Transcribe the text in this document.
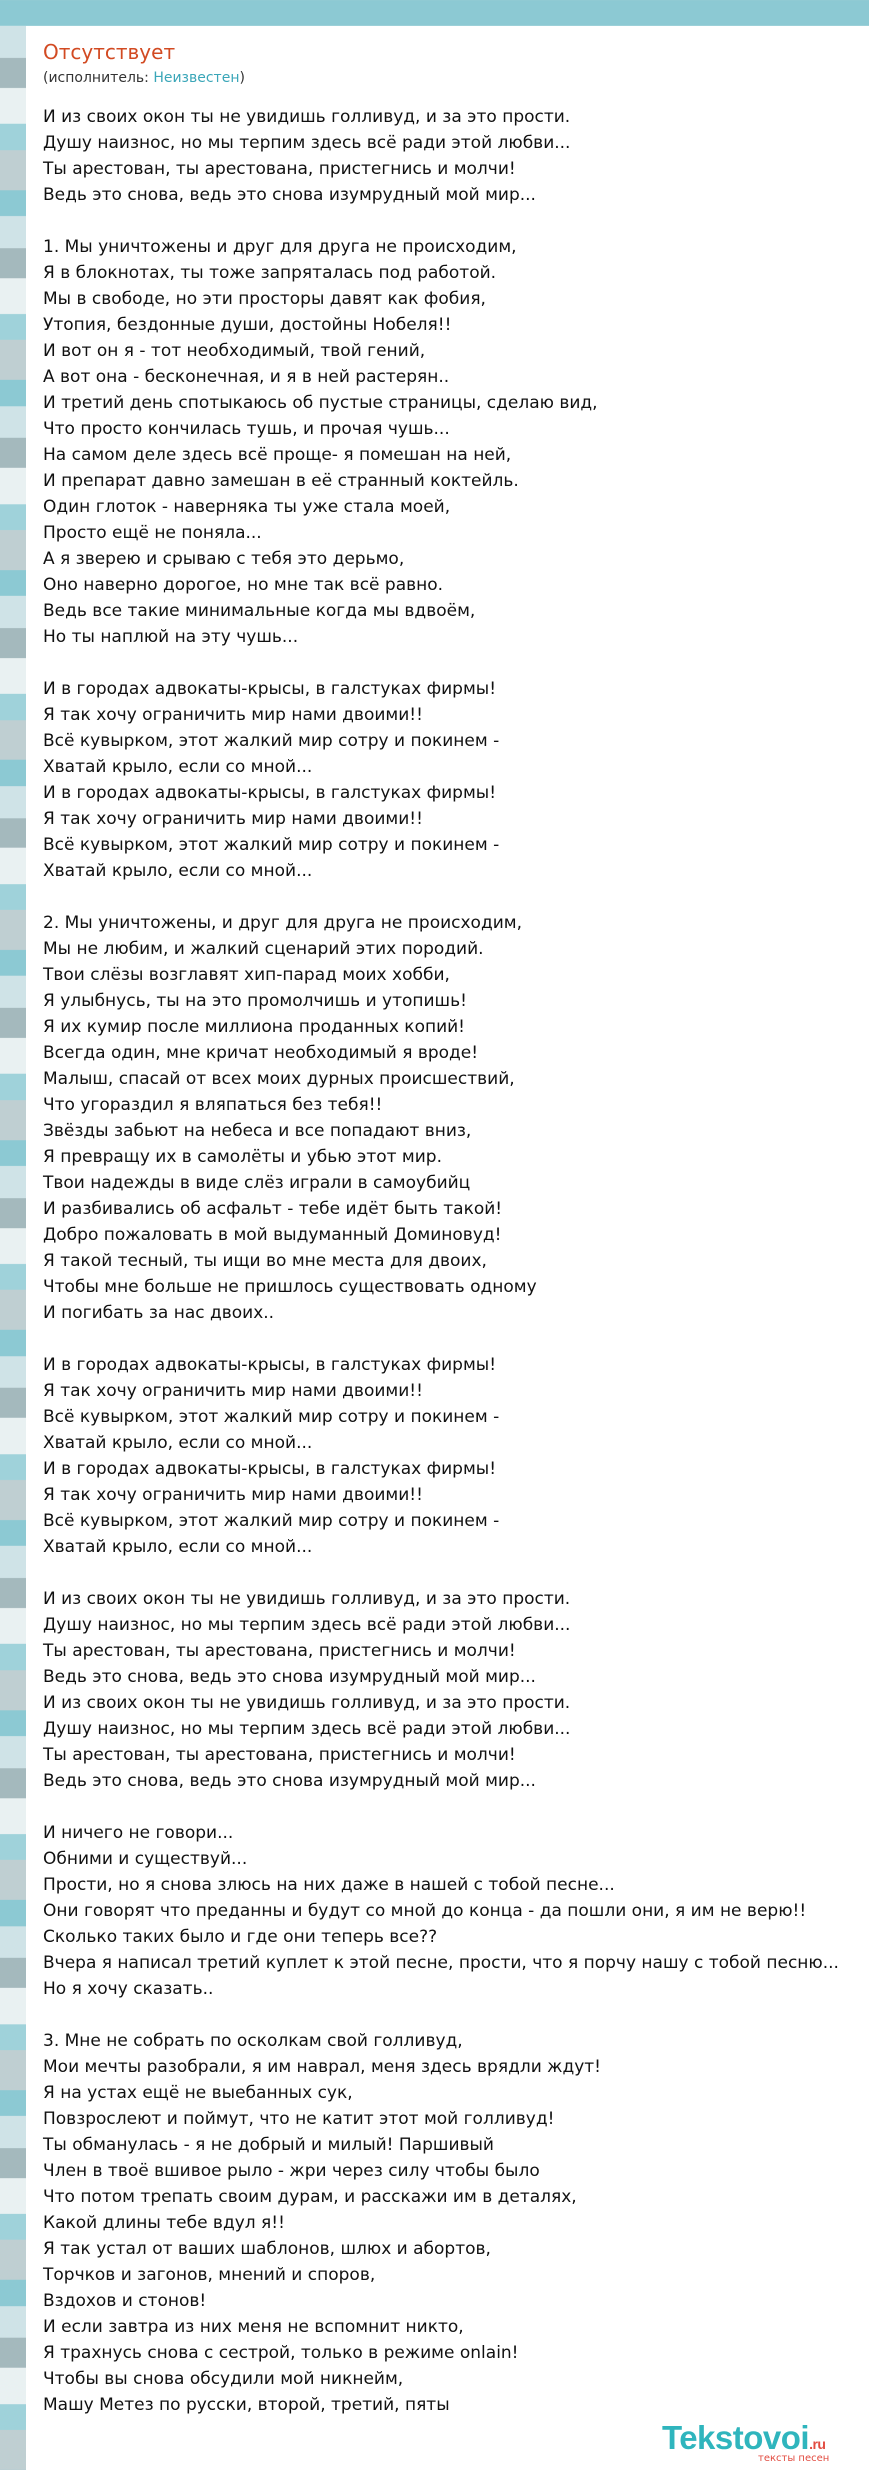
Отсутствует
(исполнитель: Неизвестен)
И из своих окон ты не увидишь голливуд, и за это прости.
Душу наизнос, но мы терпим здесь всё ради этой любви...
Ты арестован, ты арестована, пристегнись и молчи!
Ведь это снова, ведь это снова изумрудный мой мир...
1. Мы уничтожены и друг для друга не происходим,
Я в блокнотах, ты тоже запряталась под работой.
Мы в свободе, но эти просторы давят как фобия,
Утопия, бездонные души, достойны Нобеля!!
И вот он я - тот необходимый, твой гений,
А вот она - бесконечная, и я в ней растерян..
И третий день спотыкаюсь об пустые страницы, сделаю вид,
Что просто кончилась тушь, и прочая чушь...
На самом деле здесь всё проще- я помешан на ней,
И препарат давно замешан в её странный коктейль.
Один глоток - наверняка ты уже стала моей,
Просто ещё не поняла...
А я зверею и срываю с тебя это дерьмо,
Оно наверно дорогое, но мне так всё равно.
Ведь все такие минимальные когда мы вдвоём,
Но ты наплюй на эту чушь...
И в городах адвокаты-крысы, в галстуках фирмы!
Я так хочу ограничить мир нами двоими!!
Всё кувырком, этот жалкий мир сотру и покинем -
Хватай крыло, если со мной...
И в городах адвокаты-крысы, в галстуках фирмы!
Я так хочу ограничить мир нами двоими!!
Всё кувырком, этот жалкий мир сотру и покинем -
Хватай крыло, если со мной...
2. Мы уничтожены, и друг для друга не происходим,
Мы не любим, и жалкий сценарий этих породий.
Твои слёзы возглавят хип-парад моих хобби,
Я улыбнусь, ты на это промолчишь и утопишь!
Я их кумир после миллиона проданных копий!
Всегда один, мне кричат необходимый я вроде!
Малыш, спасай от всех моих дурных происшествий,
Что угораздил я вляпаться без тебя!!
Звёзды забьют на небеса и все попадают вниз,
Я превращу их в самолёты и убью этот мир.
Твои надежды в виде слёз играли в самоубийц
И разбивались об асфальт - тебе идёт быть такой!
Добро пожаловать в мой выдуманный Доминовуд!
Я такой тесный, ты ищи во мне места для двоих,
Чтобы мне больше не пришлось существовать одному
И погибать за нас двоих..
И в городах адвокаты-крысы, в галстуках фирмы!
Я так хочу ограничить мир нами двоими!!
Всё кувырком, этот жалкий мир сотру и покинем -
Хватай крыло, если со мной...
И в городах адвокаты-крысы, в галстуках фирмы!
Я так хочу ограничить мир нами двоими!!
Всё кувырком, этот жалкий мир сотру и покинем -
Хватай крыло, если со мной...
И из своих окон ты не увидишь голливуд, и за это прости.
Душу наизнос, но мы терпим здесь всё ради этой любви...
Ты арестован, ты арестована, пристегнись и молчи!
Ведь это снова, ведь это снова изумрудный мой мир...
И из своих окон ты не увидишь голливуд, и за это прости.
Душу наизнос, но мы терпим здесь всё ради этой любви...
Ты арестован, ты арестована, пристегнись и молчи!
Ведь это снова, ведь это снова изумрудный мой мир...
И ничего не говори...
Обними и существуй...
Прости, но я снова злюсь на них даже в нашей с тобой песне...
Они говорят что преданны и будут со мной до конца - да пошли они, я им не верю!!
Сколько таких было и где они теперь все??
Вчера я написал третий куплет к этой песне, прости, что я порчу нашу с тобой песню...
Но я хочу сказать..
3. Мне не собрать по осколкам свой голливуд,
Мои мечты разобрали, я им наврал, меня здесь врядли ждут!
Я на устах ещё не выебанных сук,
Повзрослеют и поймут, что не катит этот мой голливуд!
Ты обманулась - я не добрый и милый! Паршивый
Член в твоё вшивое рыло - жри через силу чтобы было
Что потом трепать своим дурам, и расскажи им в деталях,
Какой длины тебе вдул я!!
Я так устал от ваших шаблонов, шлюх и абортов,
Торчков и загонов, мнений и споров,
Вздохов и стонов!
И если завтра из них меня не вспомнит никто,
Я трахнусь снова с сестрой, только в режиме onlain!
Чтобы вы снова обсудили мой никнейм,
Машу Метез по русски, второй, третий, пяты
Tekstovoi.ru
тексты песен
